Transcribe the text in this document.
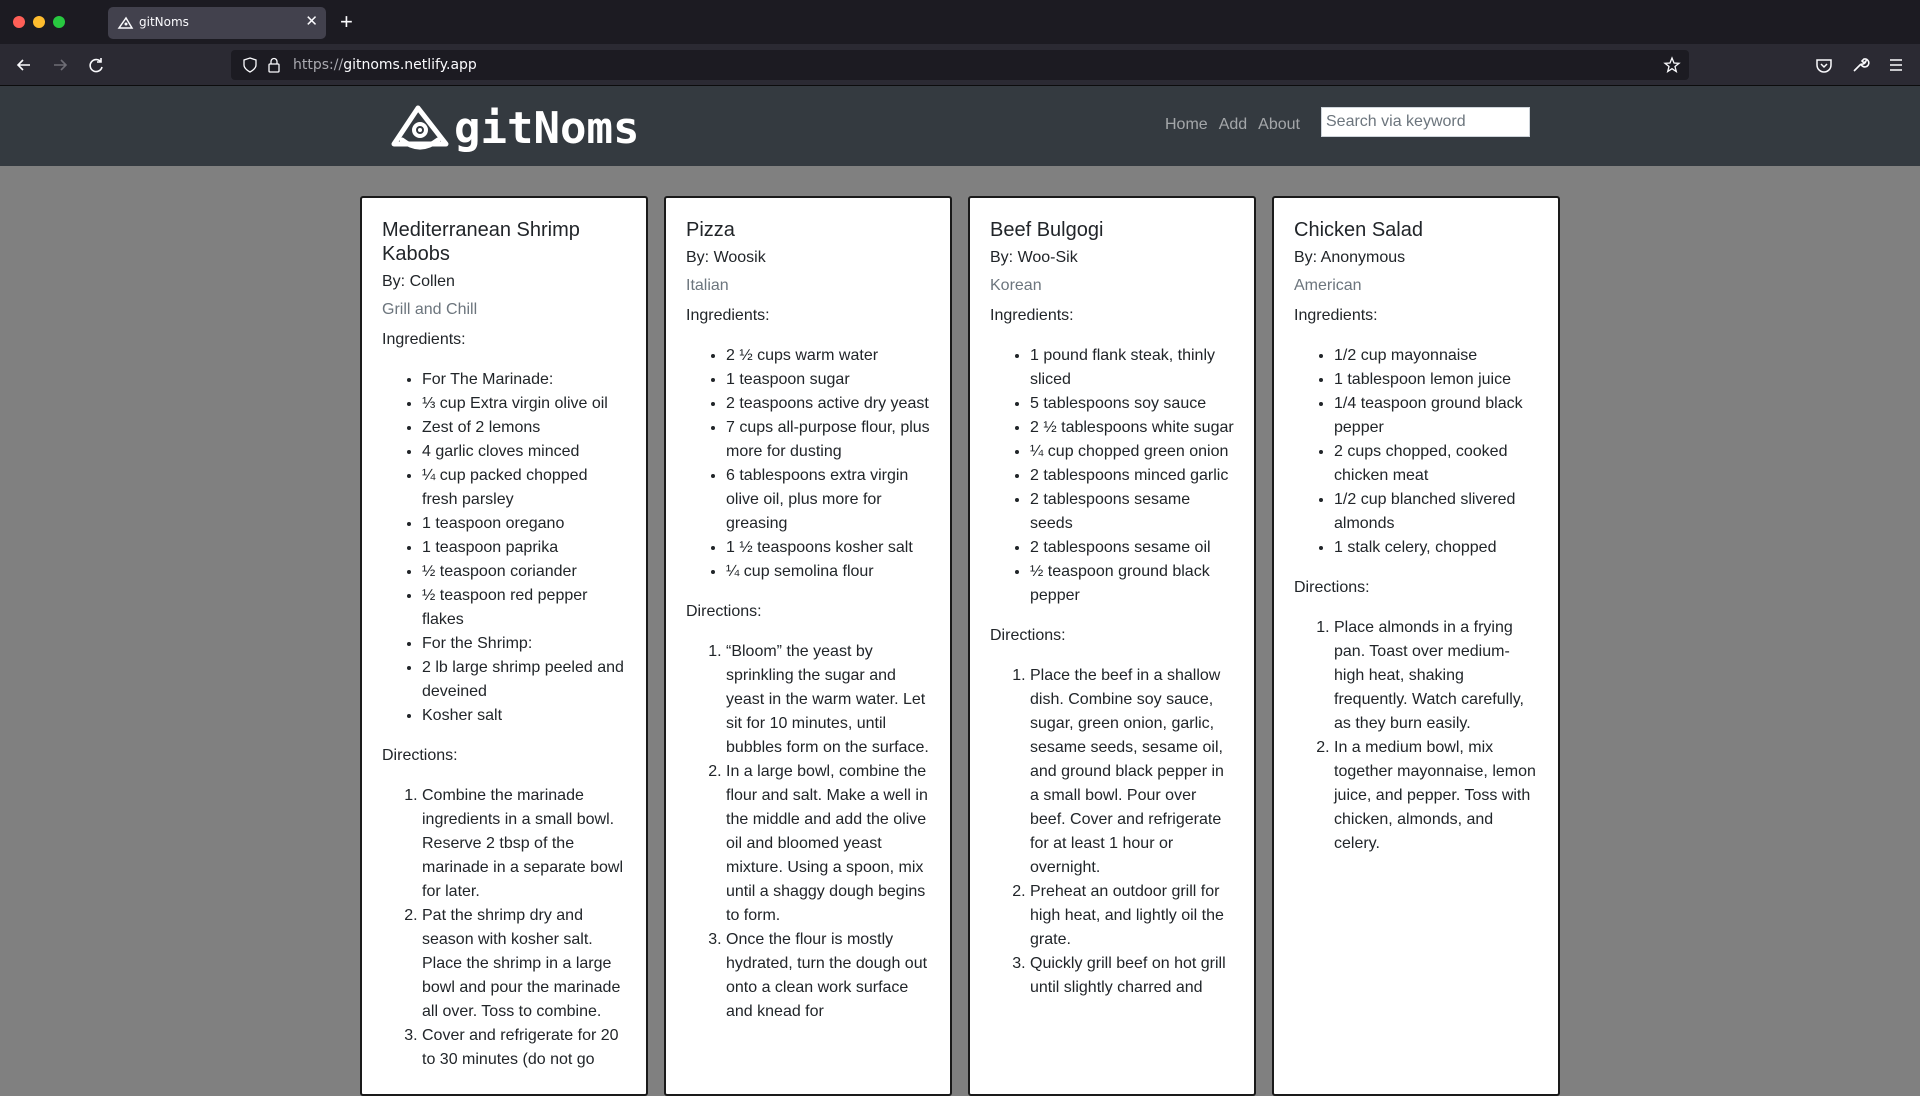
gitNoms	✕ +
https://gitnoms.netlify.app
gitNoms	Home Add About
Search via keyword
Mediterranean Shrimp Kabobs
By: Collen
Grill and Chill
Ingredients:
• For The Marinade:
• ⅓ cup Extra virgin olive oil
• Zest of 2 lemons
• 4 garlic cloves minced
• ¼ cup packed chopped fresh parsley
• 1 teaspoon oregano
• 1 teaspoon paprika
• ½ teaspoon coriander
• ½ teaspoon red pepper flakes
• For the Shrimp:
• 2 lb large shrimp peeled and deveined
• Kosher salt
Directions:
1. Combine the marinade ingredients in a small bowl. Reserve 2 tbsp of the marinade in a separate bowl for later.
2. Pat the shrimp dry and season with kosher salt. Place the shrimp in a large bowl and pour the marinade all over. Toss to combine.
3. Cover and refrigerate for 20 to 30 minutes (do not go
Pizza
By: Woosik
Italian
Ingredients:
• 2 ½ cups warm water
• 1 teaspoon sugar
• 2 teaspoons active dry yeast
• 7 cups all-purpose flour, plus more for dusting
• 6 tablespoons extra virgin olive oil, plus more for greasing
• 1 ½ teaspoons kosher salt
• ¼ cup semolina flour
Directions:
1. “Bloom” the yeast by sprinkling the sugar and yeast in the warm water. Let sit for 10 minutes, until bubbles form on the surface.
2. In a large bowl, combine the flour and salt. Make a well in the middle and add the olive oil and bloomed yeast mixture. Using a spoon, mix until a shaggy dough begins to form.
3. Once the flour is mostly hydrated, turn the dough out onto a clean work surface and knead for
Beef Bulgogi
By: Woo-Sik
Korean
Ingredients:
• 1 pound flank steak, thinly sliced
• 5 tablespoons soy sauce
• 2 ½ tablespoons white sugar
• ¼ cup chopped green onion
• 2 tablespoons minced garlic
• 2 tablespoons sesame seeds
• 2 tablespoons sesame oil
• ½ teaspoon ground black pepper
Directions:
1. Place the beef in a shallow dish. Combine soy sauce, sugar, green onion, garlic, sesame seeds, sesame oil, and ground black pepper in a small bowl. Pour over beef. Cover and refrigerate for at least 1 hour or overnight.
2. Preheat an outdoor grill for high heat, and lightly oil the grate.
3. Quickly grill beef on hot grill until slightly charred and
Chicken Salad
By: Anonymous
American
Ingredients:
• 1/2 cup mayonnaise
• 1 tablespoon lemon juice
• 1/4 teaspoon ground black pepper
• 2 cups chopped, cooked chicken meat
• 1/2 cup blanched slivered almonds
• 1 stalk celery, chopped
Directions:
1. Place almonds in a frying pan. Toast over medium-high heat, shaking frequently. Watch carefully, as they burn easily.
2. In a medium bowl, mix together mayonnaise, lemon juice, and pepper. Toss with chicken, almonds, and celery.
